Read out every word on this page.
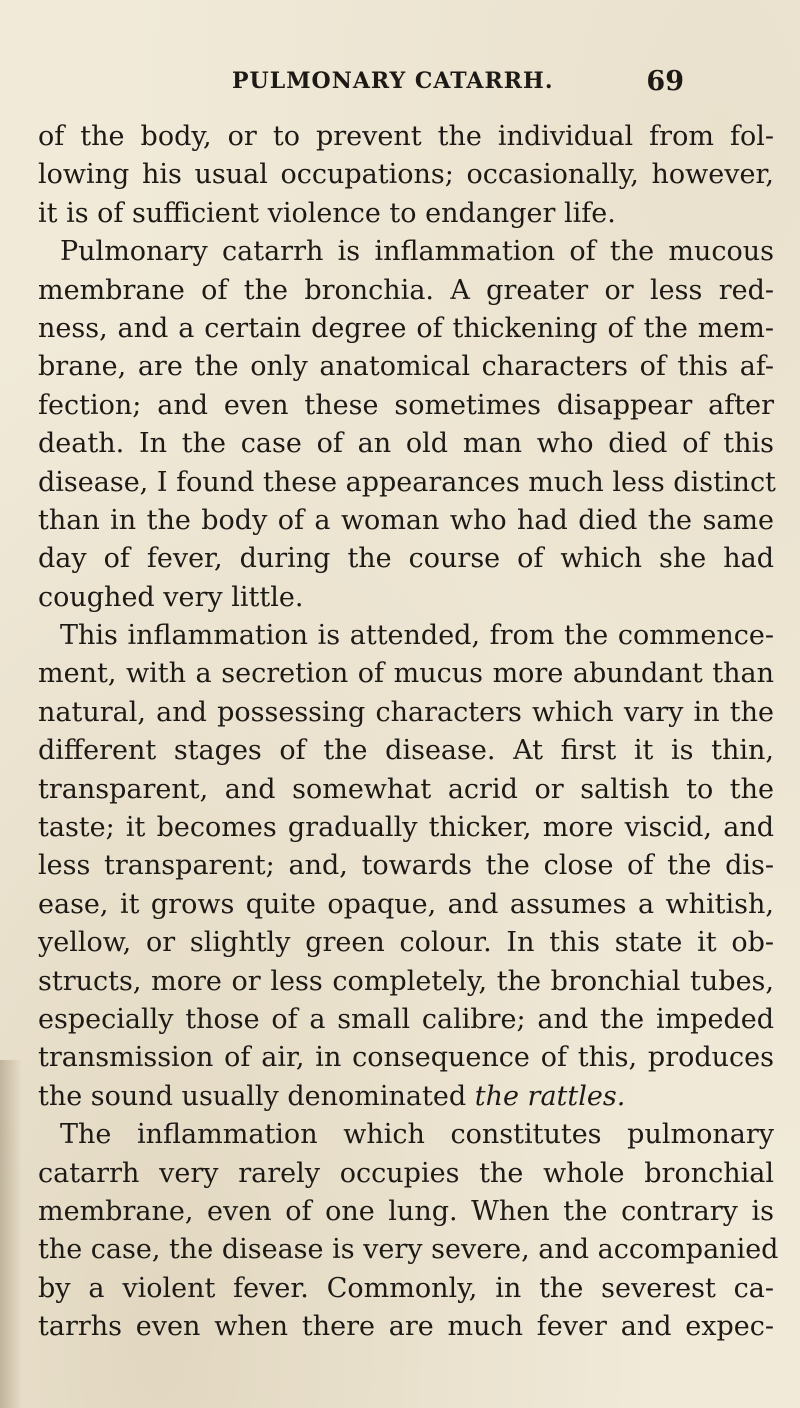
PULMONARY CATARRH.	69
of the body, or to prevent the individual from fol-
lowing his usual occupations; occasionally, however,
it is of sufficient violence to endanger life.
Pulmonary catarrh is inflammation of the mucous
membrane of the bronchia. A greater or less red-
ness, and a certain degree of thickening of the mem-
brane, are the only anatomical characters of this af-
fection; and even these sometimes disappear after
death. In the case of an old man who died of this
disease, I found these appearances much less distinct
than in the body of a woman who had died the same
day of fever, during the course of which she had
coughed very little.
This inflammation is attended, from the commence-
ment, with a secretion of mucus more abundant than
natural, and possessing characters which vary in the
different stages of the disease. At first it is thin,
transparent, and somewhat acrid or saltish to the
taste; it becomes gradually thicker, more viscid, and
less transparent; and, towards the close of the dis-
ease, it grows quite opaque, and assumes a whitish,
yellow, or slightly green colour. In this state it ob-
structs, more or less completely, the bronchial tubes,
especially those of a small calibre; and the impeded
transmission of air, in consequence of this, produces
the sound usually denominated the rattles.
The inflammation which constitutes pulmonary
catarrh very rarely occupies the whole bronchial
membrane, even of one lung. When the contrary is
the case, the disease is very severe, and accompanied
by a violent fever. Commonly, in the severest ca-
tarrhs even when there are much fever and expec-
